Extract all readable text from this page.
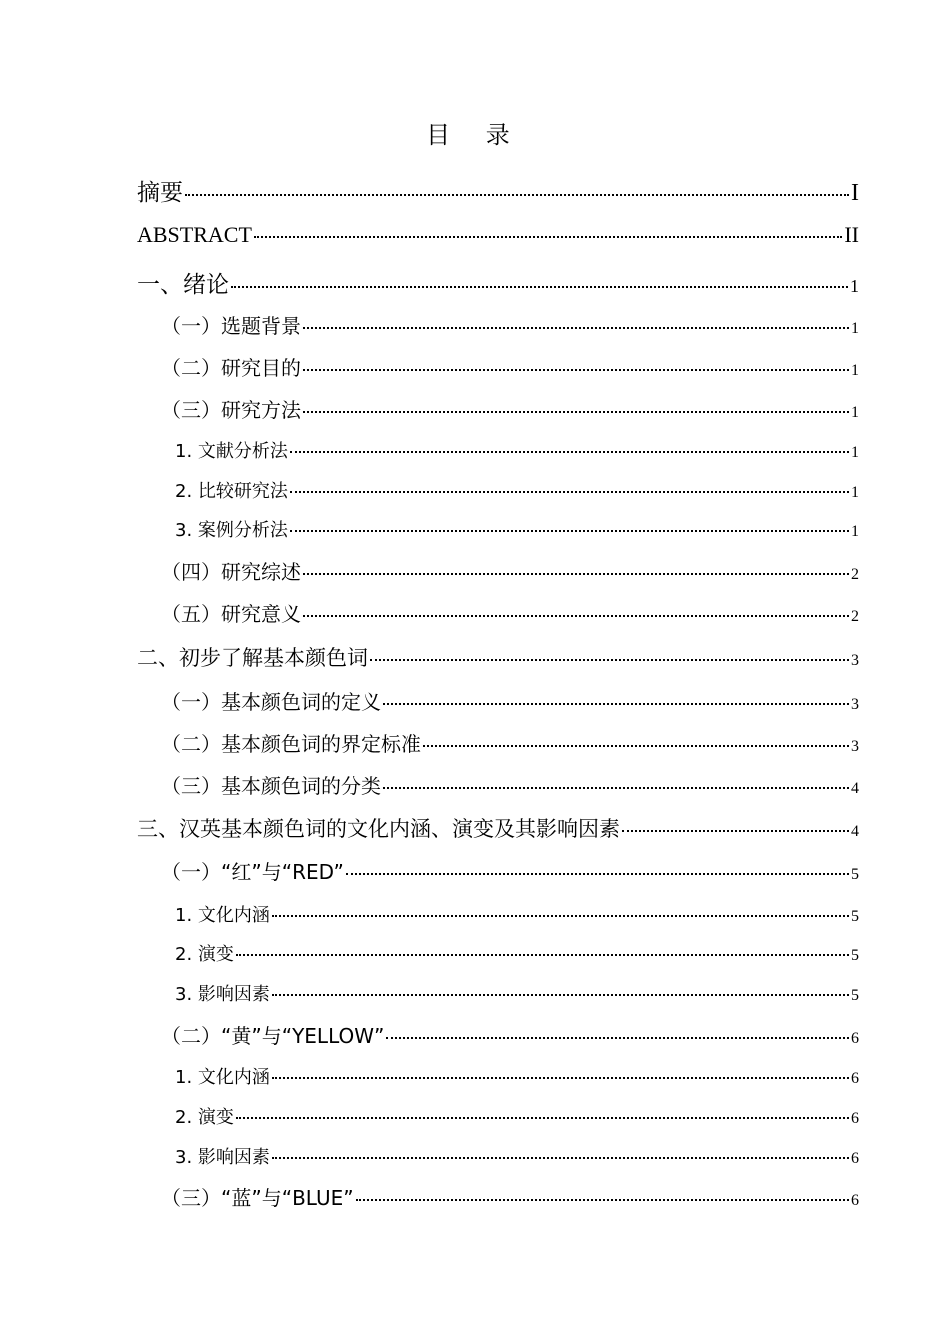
目 录
摘要	I
ABSTRACT	II
一、绪论	1
（一）选题背景	1
（二）研究目的	1
（三）研究方法	1
1. 文献分析法	1
2. 比较研究法	1
3. 案例分析法	1
（四）研究综述	2
（五）研究意义	2
二、初步了解基本颜色词	3
（一）基本颜色词的定义	3
（二）基本颜色词的界定标准	3
（三）基本颜色词的分类	4
三、汉英基本颜色词的文化内涵、演变及其影响因素	4
（一）“红”与“RED”	5
1. 文化内涵	5
2. 演变	5
3. 影响因素	5
（二）“黄”与“YELLOW”	6
1. 文化内涵	6
2. 演变	6
3. 影响因素	6
（三）“蓝”与“BLUE”	6
